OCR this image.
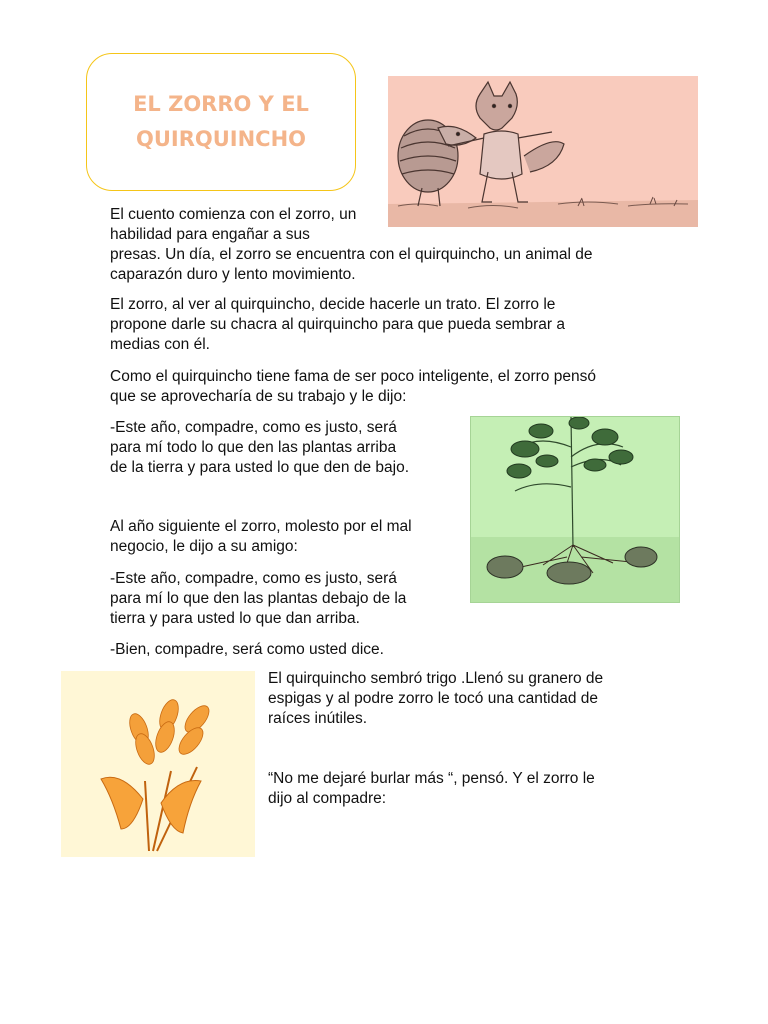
EL ZORRO Y EL
QUIRQUINCHO

El cuento comienza con el zorro, un

habilidad para engañar a sus

presas. Un día, el zorro se encuentra con el quirquincho, un animal de
caparazón duro y lento movimiento.

El zorro, al ver al quirquincho, decide hacerle un trato. El zorro le
propone darle su chacra al quirquincho para que pueda sembrar a
medias con él.

Como el quirquincho tiene fama de ser poco inteligente, el zorro pensó
que se aprovecharía de su trabajo y le dijo:

-Este año, compadre, como es justo, será
para mí todo lo que den las plantas arriba
de la tierra y para usted lo que den de bajo.

Al año siguiente el zorro, molesto por el mal
negocio, le dijo a su amigo:

-Este año, compadre, como es justo, será
para mí lo que den las plantas debajo de la
tierra y para usted lo que dan arriba.

-Bien, compadre, será como usted dice.

El quirquincho sembró trigo .Llenó su granero de
espigas y al podre zorro le tocó una cantidad de
raíces inútiles.

“No me dejaré burlar más “, pensó. Y el zorro le
dijo al compadre:
